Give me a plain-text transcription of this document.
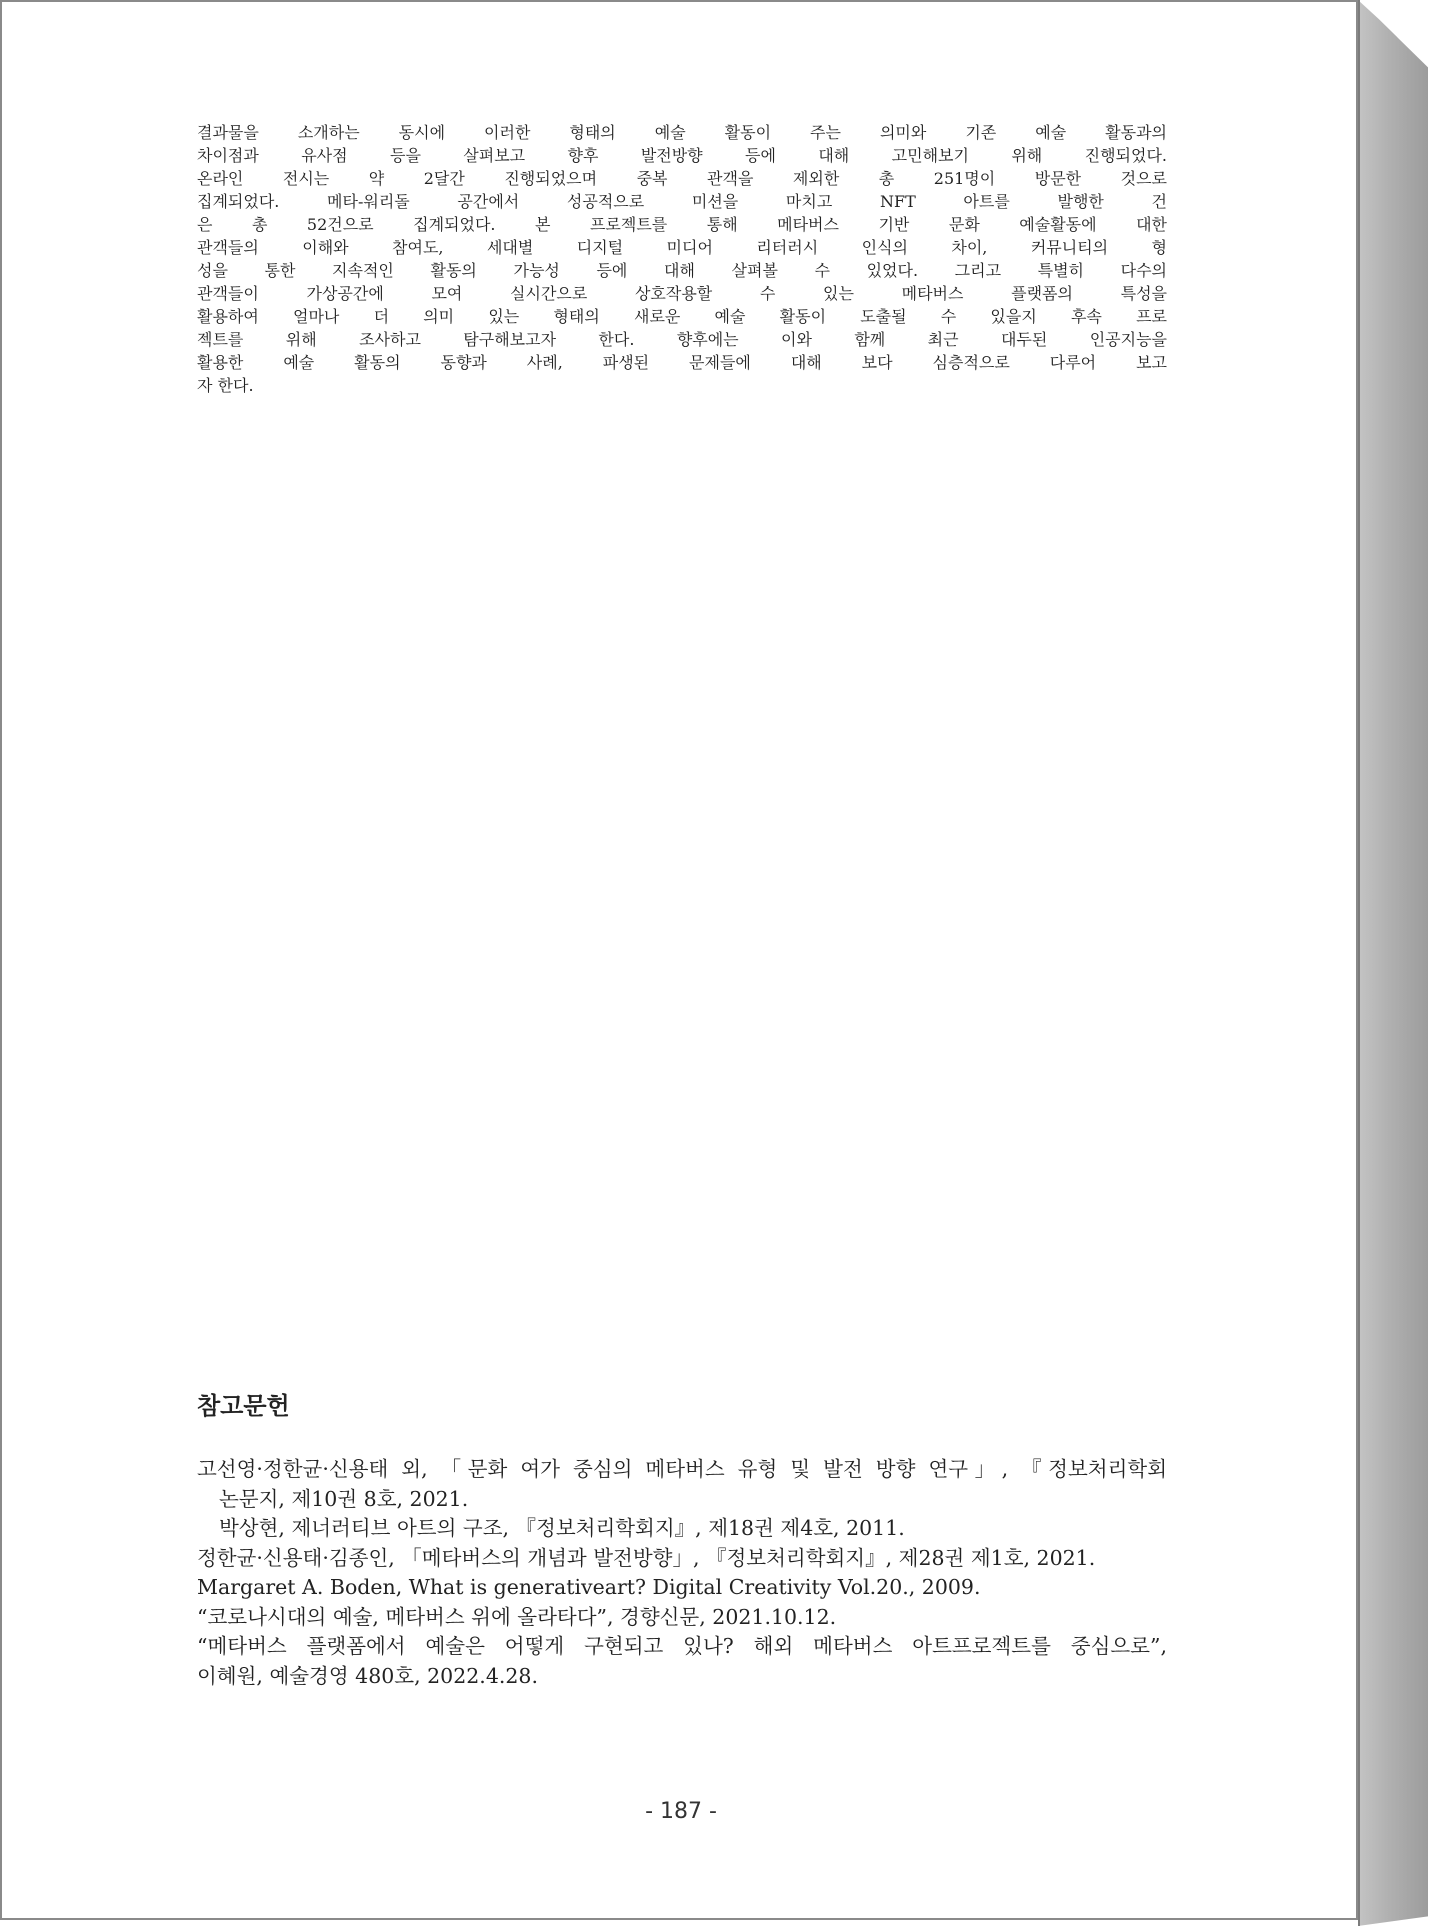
결과물을 소개하는 동시에 이러한 형태의 예술 활동이 주는 의미와 기존 예술 활동과의
차이점과 유사점 등을 살펴보고 향후 발전방향 등에 대해 고민해보기 위해 진행되었다.
온라인 전시는 약 2달간 진행되었으며 중복 관객을 제외한 총 251명이 방문한 것으로
집계되었다. 메타-워리돌 공간에서 성공적으로 미션을 마치고 NFT 아트를 발행한 건
은 총 52건으로 집계되었다. 본 프로젝트를 통해 메타버스 기반 문화 예술활동에 대한
관객들의 이해와 참여도, 세대별 디지털 미디어 리터러시 인식의 차이, 커뮤니티의 형
성을 통한 지속적인 활동의 가능성 등에 대해 살펴볼 수 있었다. 그리고 특별히 다수의
관객들이 가상공간에 모여 실시간으로 상호작용할 수 있는 메타버스 플랫폼의 특성을
활용하여 얼마나 더 의미 있는 형태의 새로운 예술 활동이 도출될 수 있을지 후속 프로
젝트를 위해 조사하고 탐구해보고자 한다. 향후에는 이와 함께 최근 대두된 인공지능을
활용한 예술 활동의 동향과 사례, 파생된 문제들에 대해 보다 심층적으로 다루어 보고
자 한다.
참고문헌
고선영·정한균·신용태 외, 「문화 여가 중심의 메타버스 유형 및 발전 방향 연구」, 『정보처리학회
논문지, 제10권 8호, 2021.
박상현, 제너러티브 아트의 구조, 『정보처리학회지』, 제18권 제4호, 2011.
정한균·신용태·김종인, 「메타버스의 개념과 발전방향」, 『정보처리학회지』, 제28권 제1호, 2021.
Margaret A. Boden, What is generativeart? Digital Creativity Vol.20., 2009.
“코로나시대의 예술, 메타버스 위에 올라타다”, 경향신문, 2021.10.12.
“메타버스 플랫폼에서 예술은 어떻게 구현되고 있나? 해외 메타버스 아트프로젝트를 중심으로”,
이혜원, 예술경영 480호, 2022.4.28.
- 187 -
